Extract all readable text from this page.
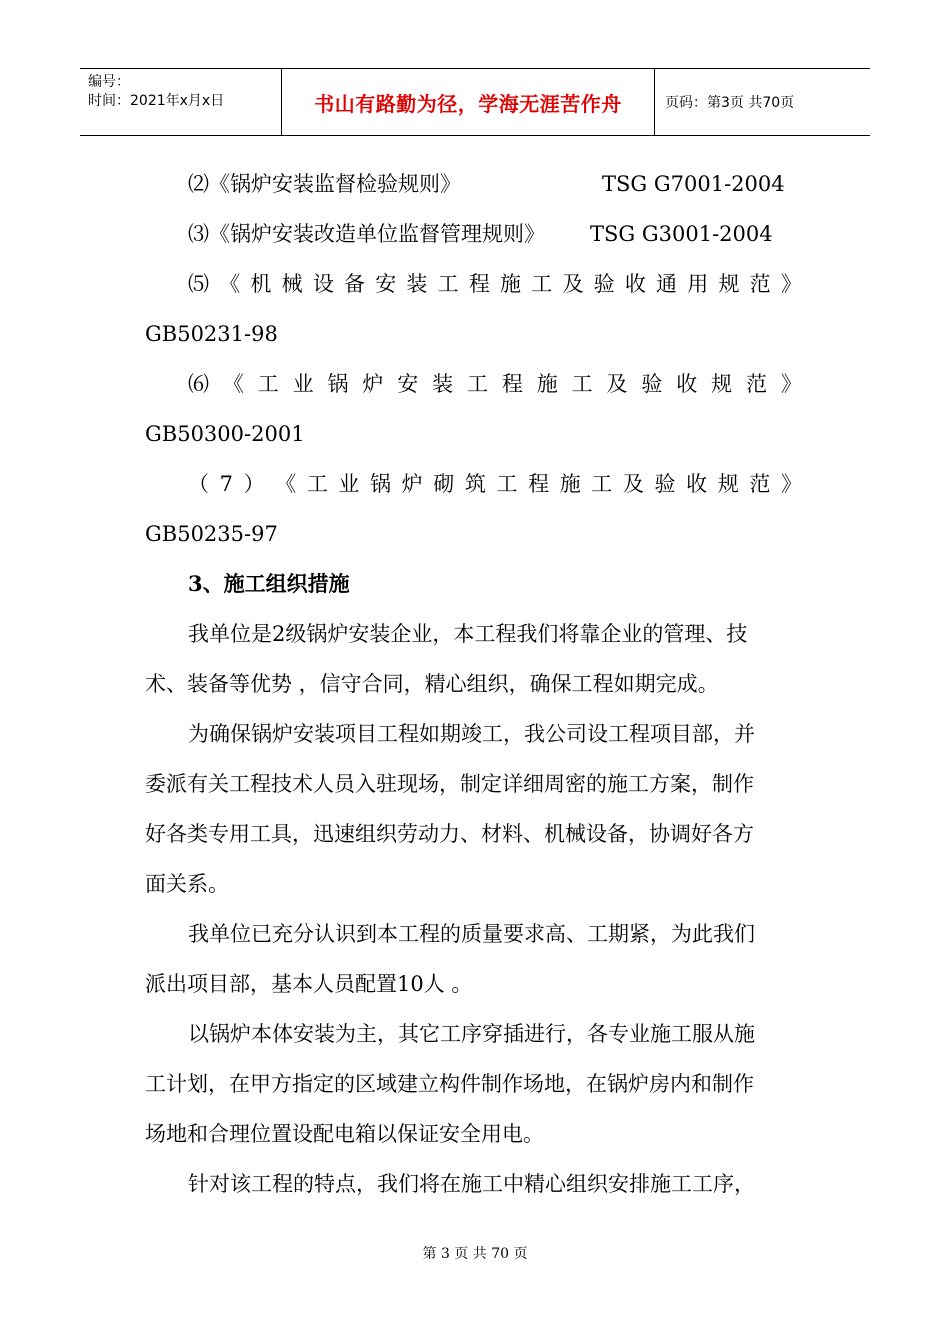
编号：
时间：2021年x月x日	书山有路勤为径，学海无涯苦作舟	页码：第3页 共70页
⑵《锅炉安装监督检验规则》	TSG G7001-2004
⑶《锅炉安装改造单位监督管理规则》 TSG G3001-2004
⑸ 《 机 械 设 备 安 装 工 程 施 工 及 验 收 通 用 规 范 》
GB50231-98
⑹ 《 工 业 锅 炉 安 装 工 程 施 工 及 验 收 规 范 》
GB50300-2001
（ 7 ） 《 工 业 锅 炉 砌 筑 工 程 施 工 及 验 收 规 范 》
GB50235-97
3、施工组织措施
我单位是2级锅炉安装企业，本工程我们将靠企业的管理、技
术、装备等优势 ，信守合同，精心组织，确保工程如期完成。
为确保锅炉安装项目工程如期竣工，我公司设工程项目部，并
委派有关工程技术人员入驻现场，制定详细周密的施工方案，制作
好各类专用工具，迅速组织劳动力、材料、机械设备，协调好各方
面关系。
我单位已充分认识到本工程的质量要求高、工期紧，为此我们
派出项目部，基本人员配置10人 。
以锅炉本体安装为主，其它工序穿插进行，各专业施工服从施
工计划，在甲方指定的区域建立构件制作场地，在锅炉房内和制作
场地和合理位置设配电箱以保证安全用电。
针对该工程的特点，我们将在施工中精心组织安排施工工序，
第 3 页 共 70 页
